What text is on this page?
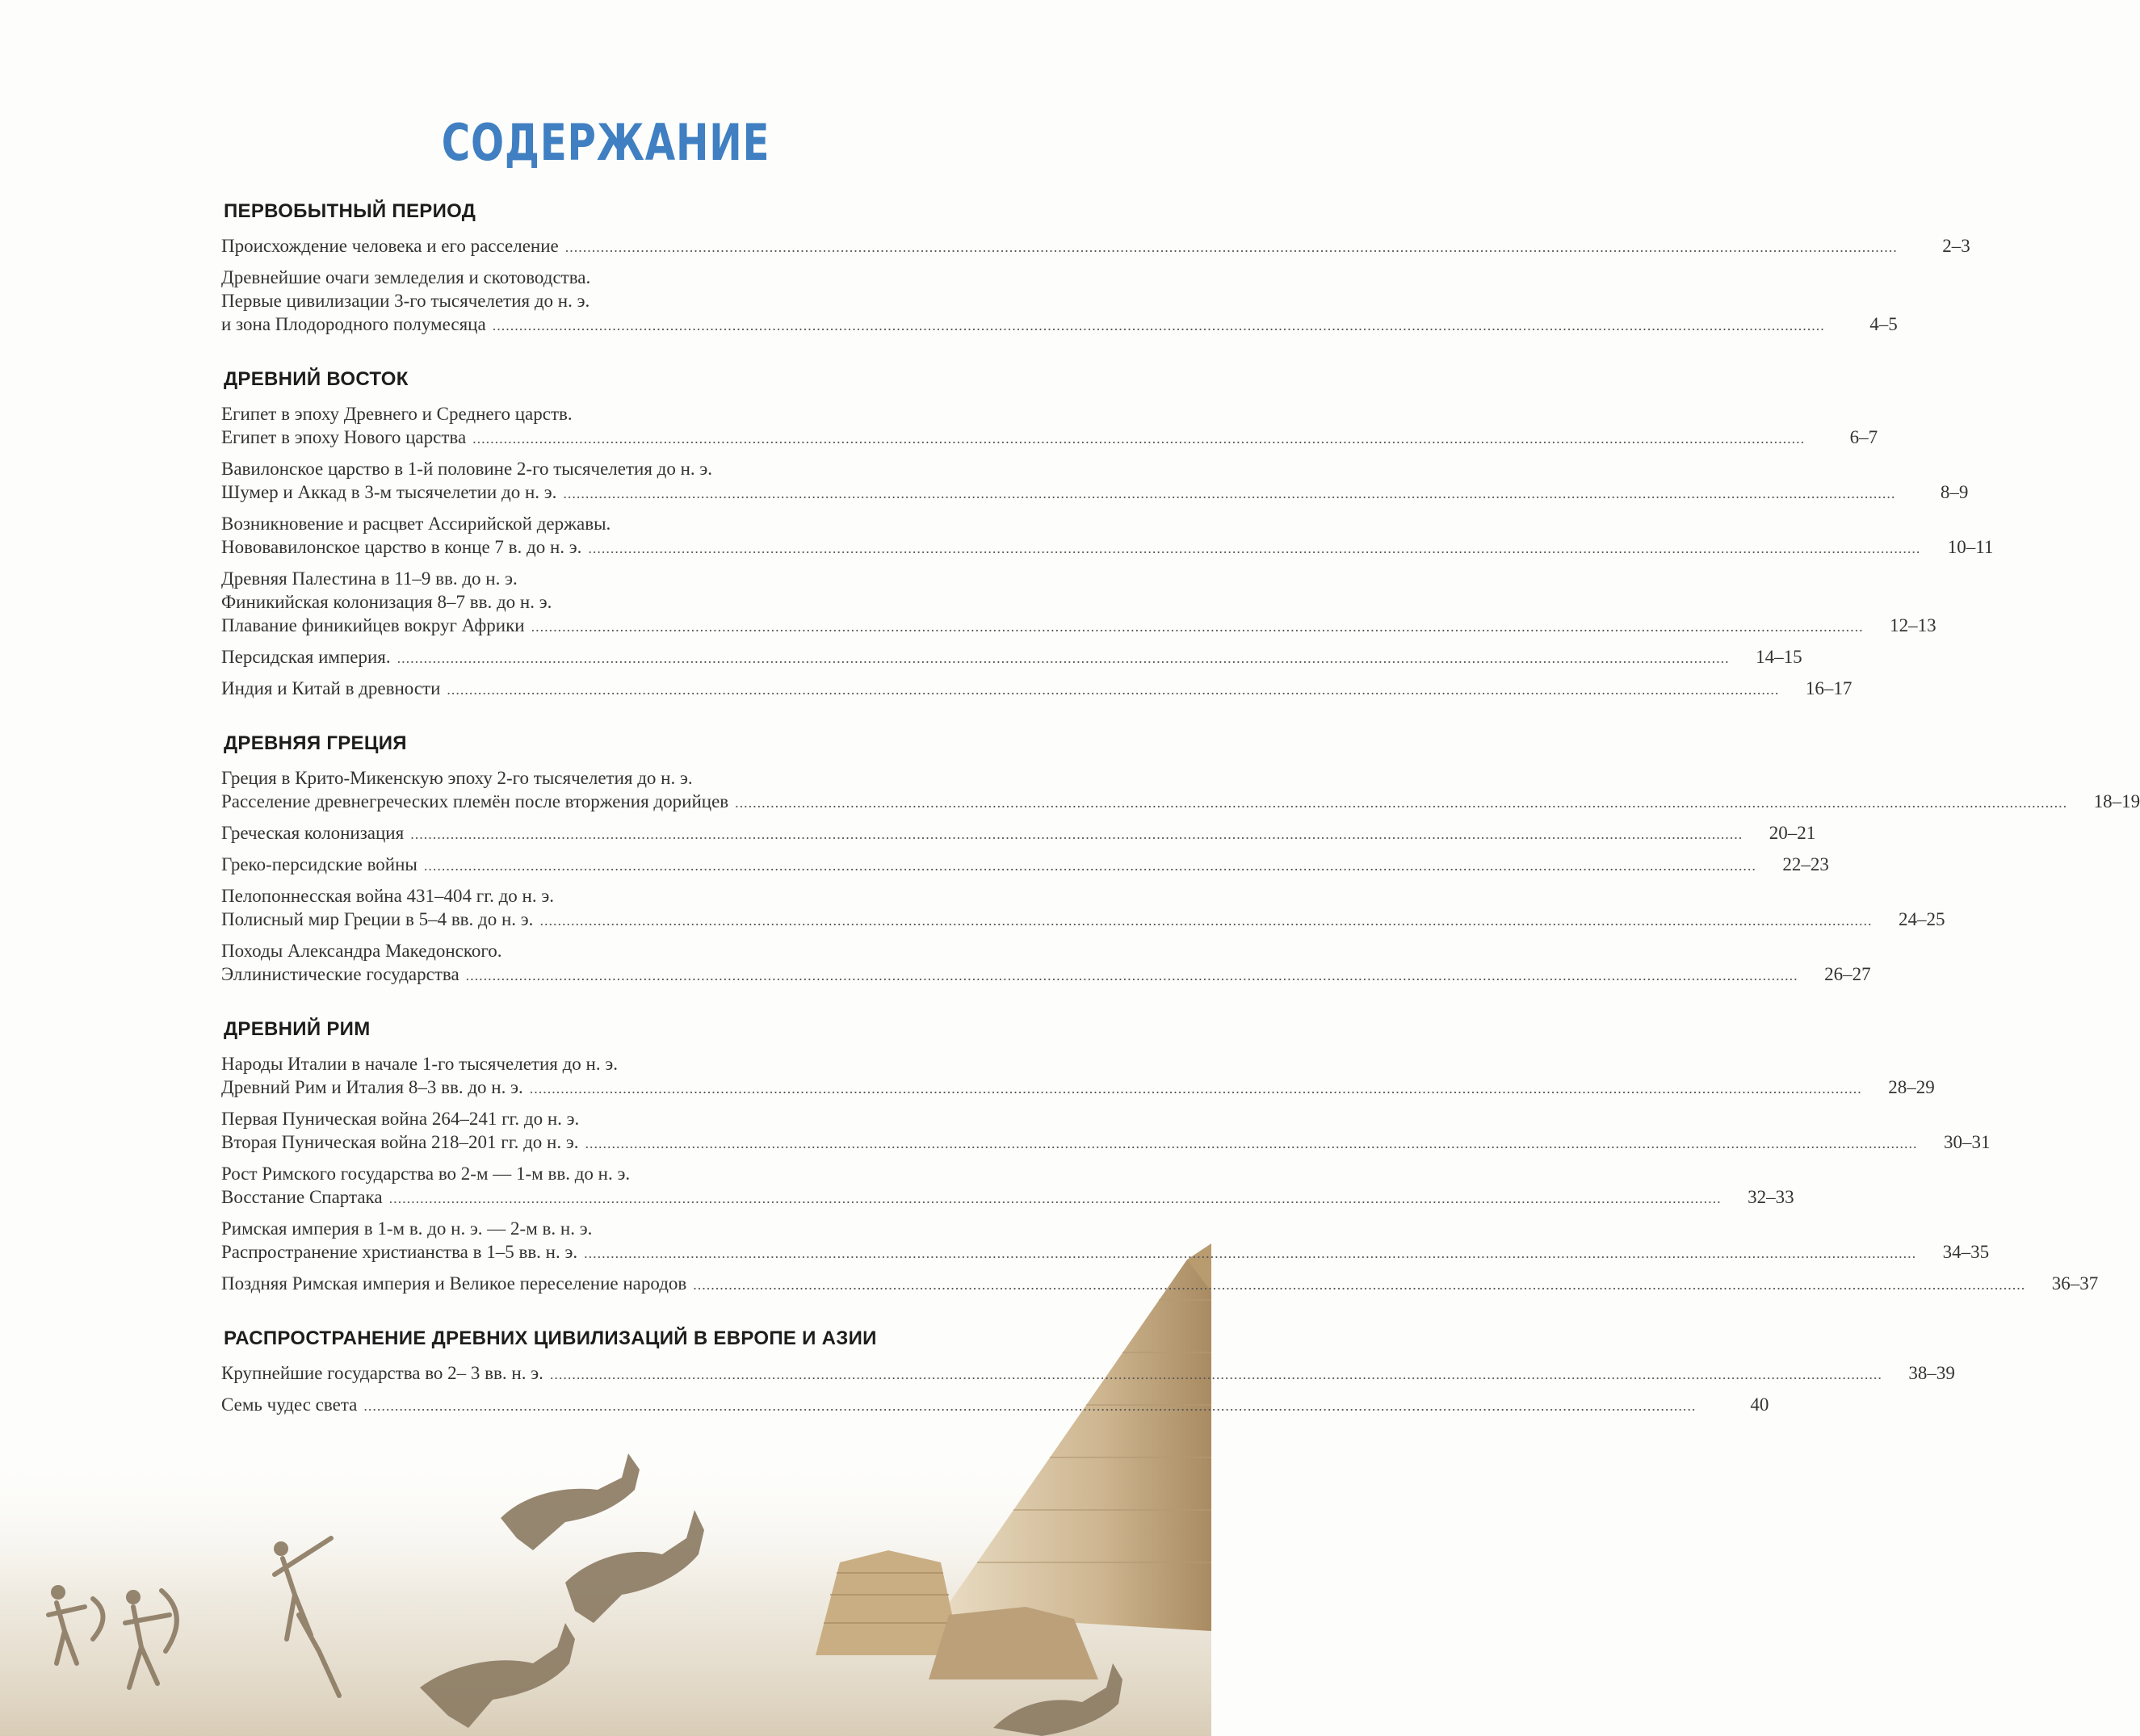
СОДЕРЖАНИЕ
ПЕРВОБЫТНЫЙ ПЕРИОД
Происхождение человека и его расселение ............................................................................................................................................................................................................................................................................................................	2–3
Древнейшие очаги земледелия и скотоводства.
Первые цивилизации 3-го тысячелетия до н. э.
и зона Плодородного полумесяца ............................................................................................................................................................................................................................................................................................................	4–5
ДРЕВНИЙ ВОСТОК
Египет в эпоху Древнего и Среднего царств.
Египет в эпоху Нового царства ............................................................................................................................................................................................................................................................................................................	6–7
Вавилонское царство в 1-й половине 2-го тысячелетия до н. э.
Шумер и Аккад в 3-м тысячелетии до н. э. ............................................................................................................................................................................................................................................................................................................	8–9
Возникновение и расцвет Ассирийской державы.
Нововавилонское царство в конце 7 в. до н. э. ............................................................................................................................................................................................................................................................................................................	10–11
Древняя Палестина в 11–9 вв. до н. э.
Финикийская колонизация 8–7 вв. до н. э.
Плавание финикийцев вокруг Африки ............................................................................................................................................................................................................................................................................................................	12–13
Персидская империя. ............................................................................................................................................................................................................................................................................................................	14–15
Индия и Китай в древности ............................................................................................................................................................................................................................................................................................................	16–17
ДРЕВНЯЯ ГРЕЦИЯ
Греция в Крито-Микенскую эпоху 2-го тысячелетия до н. э.
Расселение древнегреческих племён после вторжения дорийцев ............................................................................................................................................................................................................................................................................................................	18–19
Греческая колонизация ............................................................................................................................................................................................................................................................................................................	20–21
Греко-персидские войны ............................................................................................................................................................................................................................................................................................................	22–23
Пелопоннесская война 431–404 гг. до н. э.
Полисный мир Греции в 5–4 вв. до н. э. ............................................................................................................................................................................................................................................................................................................	24–25
Походы Александра Македонского.
Эллинистические государства ............................................................................................................................................................................................................................................................................................................	26–27
ДРЕВНИЙ РИМ
Народы Италии в начале 1-го тысячелетия до н. э.
Древний Рим и Италия 8–3 вв. до н. э. ............................................................................................................................................................................................................................................................................................................	28–29
Первая Пуническая война 264–241 гг. до н. э.
Вторая Пуническая война 218–201 гг. до н. э. ............................................................................................................................................................................................................................................................................................................	30–31
Рост Римского государства во 2-м — 1-м вв. до н. э.
Восстание Спартака ............................................................................................................................................................................................................................................................................................................	32–33
Римская империя в 1-м в. до н. э. — 2-м в. н. э.
Распространение христианства в 1–5 вв. н. э. ............................................................................................................................................................................................................................................................................................................	34–35
Поздняя Римская империя и Великое переселение народов ............................................................................................................................................................................................................................................................................................................	36–37
РАСПРОСТРАНЕНИЕ ДРЕВНИХ ЦИВИЛИЗАЦИЙ В ЕВРОПЕ И АЗИИ
Крупнейшие государства во 2– 3 вв. н. э. ............................................................................................................................................................................................................................................................................................................	38–39
Семь чудес света ............................................................................................................................................................................................................................................................................................................	40
